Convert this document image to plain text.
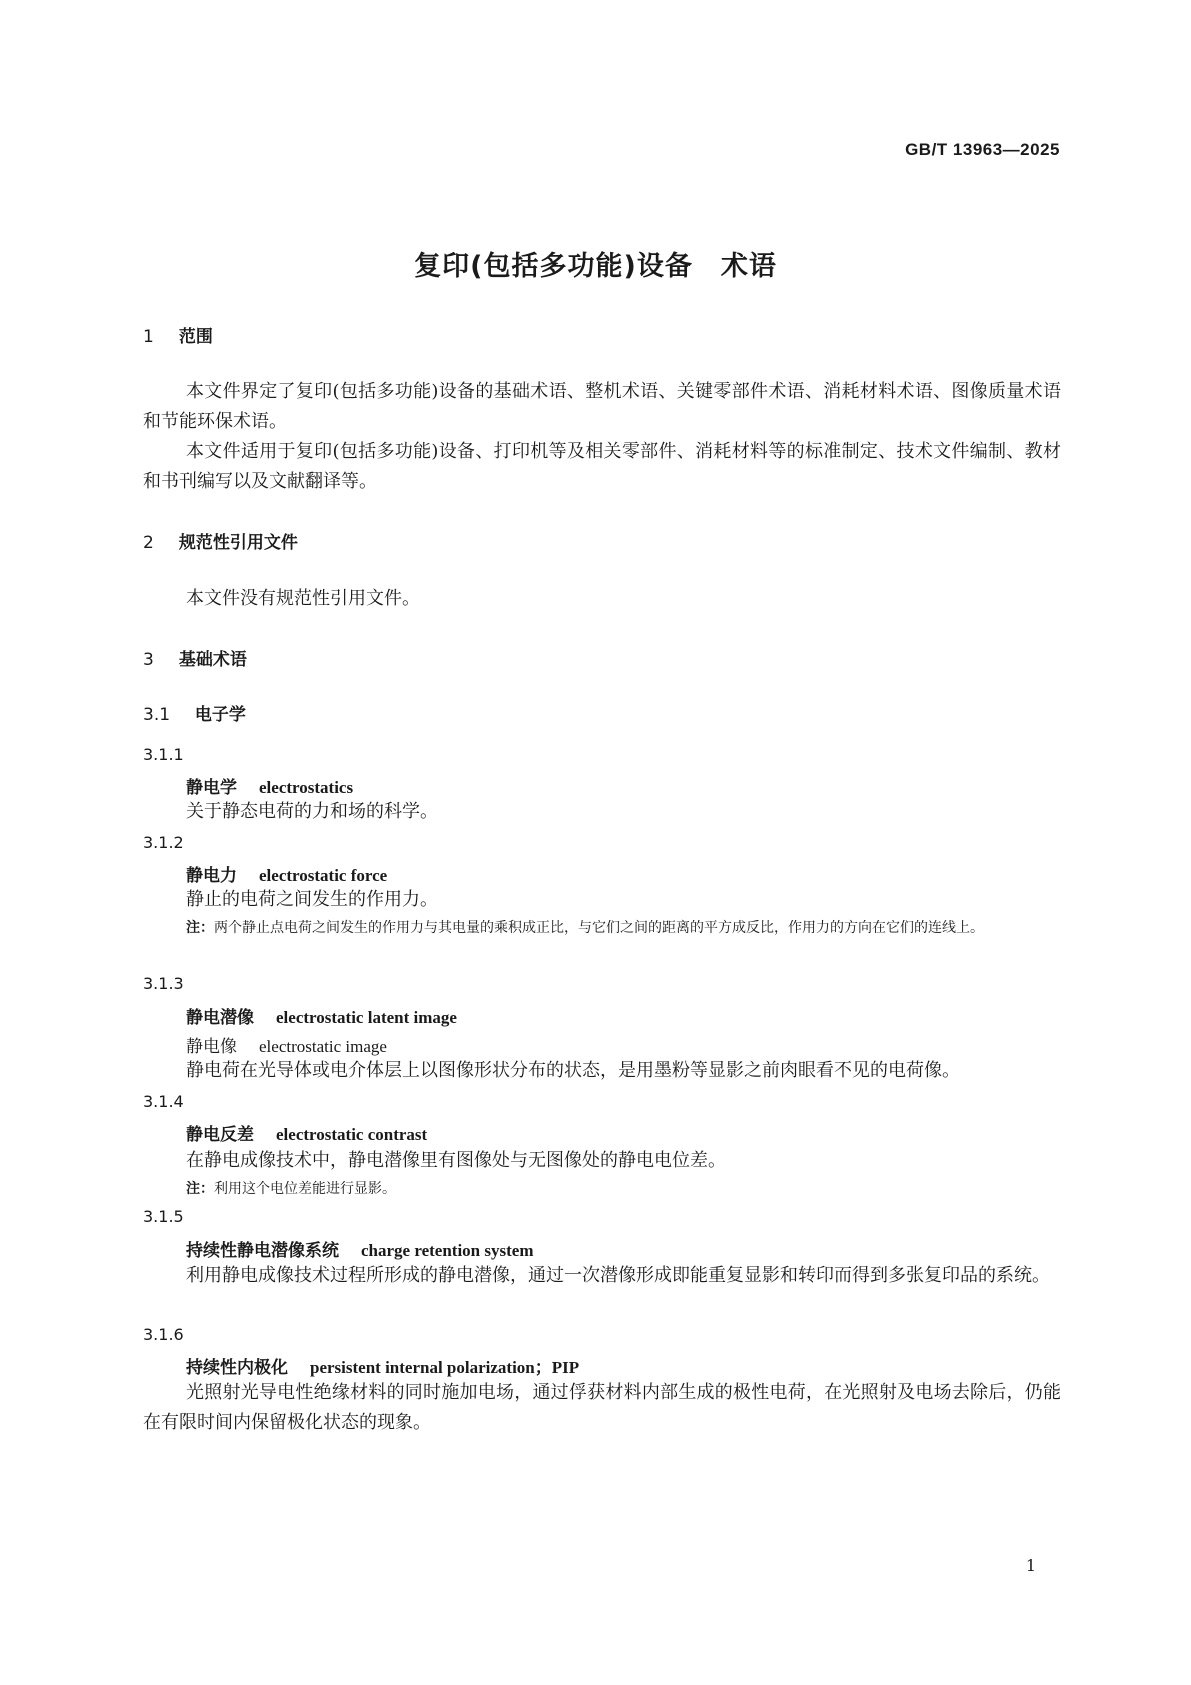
GB/T 13963—2025
复印(包括多功能)设备　术语
1 范围

本文件界定了复印(包括多功能)设备的基础术语、整机术语、关键零部件术语、消耗材料术语、图像质量术语和节能环保术语。

本文件适用于复印(包括多功能)设备、打印机等及相关零部件、消耗材料等的标准制定、技术文件编制、教材和书刊编写以及文献翻译等。

2 规范性引用文件

本文件没有规范性引用文件。

3 基础术语
3.1 电子学
3.1.1
静电学 electrostatics

关于静态电荷的力和场的科学。

3.1.2
静电力 electrostatic force

静止的电荷之间发生的作用力。

注：两个静止点电荷之间发生的作用力与其电量的乘积成正比，与它们之间的距离的平方成反比，作用力的方向在它们的连线上。

3.1.3
静电潜像 electrostatic latent image
静电像 electrostatic image

静电荷在光导体或电介体层上以图像形状分布的状态，是用墨粉等显影之前肉眼看不见的电荷像。

3.1.4
静电反差 electrostatic contrast

在静电成像技术中，静电潜像里有图像处与无图像处的静电电位差。

注：利用这个电位差能进行显影。

3.1.5
持续性静电潜像系统 charge retention system

利用静电成像技术过程所形成的静电潜像，通过一次潜像形成即能重复显影和转印而得到多张复印品的系统。

3.1.6
持续性内极化 persistent internal polarization；PIP

光照射光导电性绝缘材料的同时施加电场，通过俘获材料内部生成的极性电荷，在光照射及电场去除后，仍能在有限时间内保留极化状态的现象。

1
